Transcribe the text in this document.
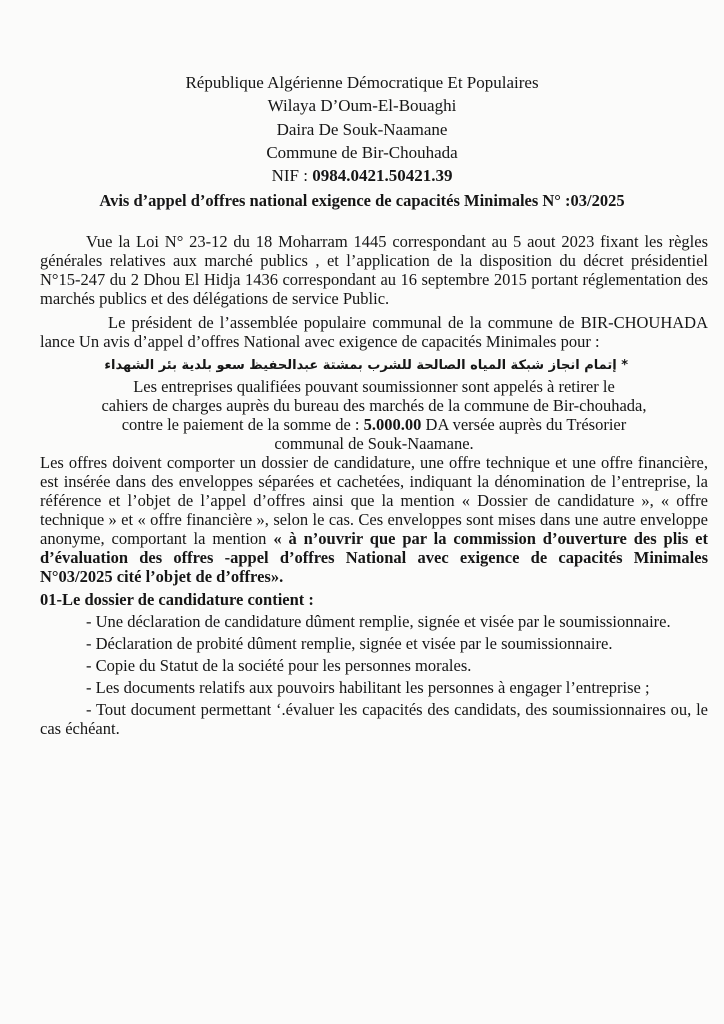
République Algérienne Démocratique Et Populaires
Wilaya D’Oum-El-Bouaghi
Daira De Souk-Naamane
Commune de Bir-Chouhada
NIF : 0984.0421.50421.39
Avis d’appel d’offres national exigence de capacités Minimales N° :03/2025

Vue la Loi N° 23-12 du 18 Moharram 1445 correspondant au 5 aout 2023 fixant les règles générales relatives aux marché publics , et l’application de la disposition du décret présidentiel N°15-247 du 2 Dhou El Hidja 1436 correspondant au 16 septembre 2015 portant réglementation des marchés publics et des délégations de service Public.

Le président de l’assemblée populaire communal de la commune de BIR-CHOUHADA lance Un avis d’appel d’offres National avec exigence de capacités Minimales pour :

* إتمام انجاز شبكة المياه الصالحة للشرب بمشتة عبدالحفيظ سعو بلدية بئر الشهداء

Les entreprises qualifiées pouvant soumissionner sont appelés à retirer le

cahiers de charges auprès du bureau des marchés de la commune de Bir-chouhada,

contre le paiement de la somme de : 5.000.00 DA versée auprès du Trésorier

communal de Souk-Naamane.

Les offres doivent comporter un dossier de candidature, une offre technique et une offre financière, est insérée dans des enveloppes séparées et cachetées, indiquant la dénomination de l’entreprise, la référence et l’objet de l’appel d’offres ainsi que la mention « Dossier de candidature », « offre technique » et « offre financière », selon le cas. Ces enveloppes sont mises dans une autre enveloppe anonyme, comportant la mention « à n’ouvrir que par la commission d’ouverture des plis et d’évaluation des offres -appel d’offres National avec exigence de capacités Minimales N°03/2025 cité l’objet de d’offres».

01-Le dossier de candidature contient :

- Une déclaration de candidature dûment remplie, signée et visée par le soumissionnaire.

- Déclaration de probité dûment remplie, signée et visée par le soumissionnaire.

- Copie du Statut de la société pour les personnes morales.

- Les documents relatifs aux pouvoirs habilitant les personnes à engager l’entreprise ;

- Tout document permettant ‘.évaluer les capacités des candidats, des soumissionnaires ou, le cas échéant.
